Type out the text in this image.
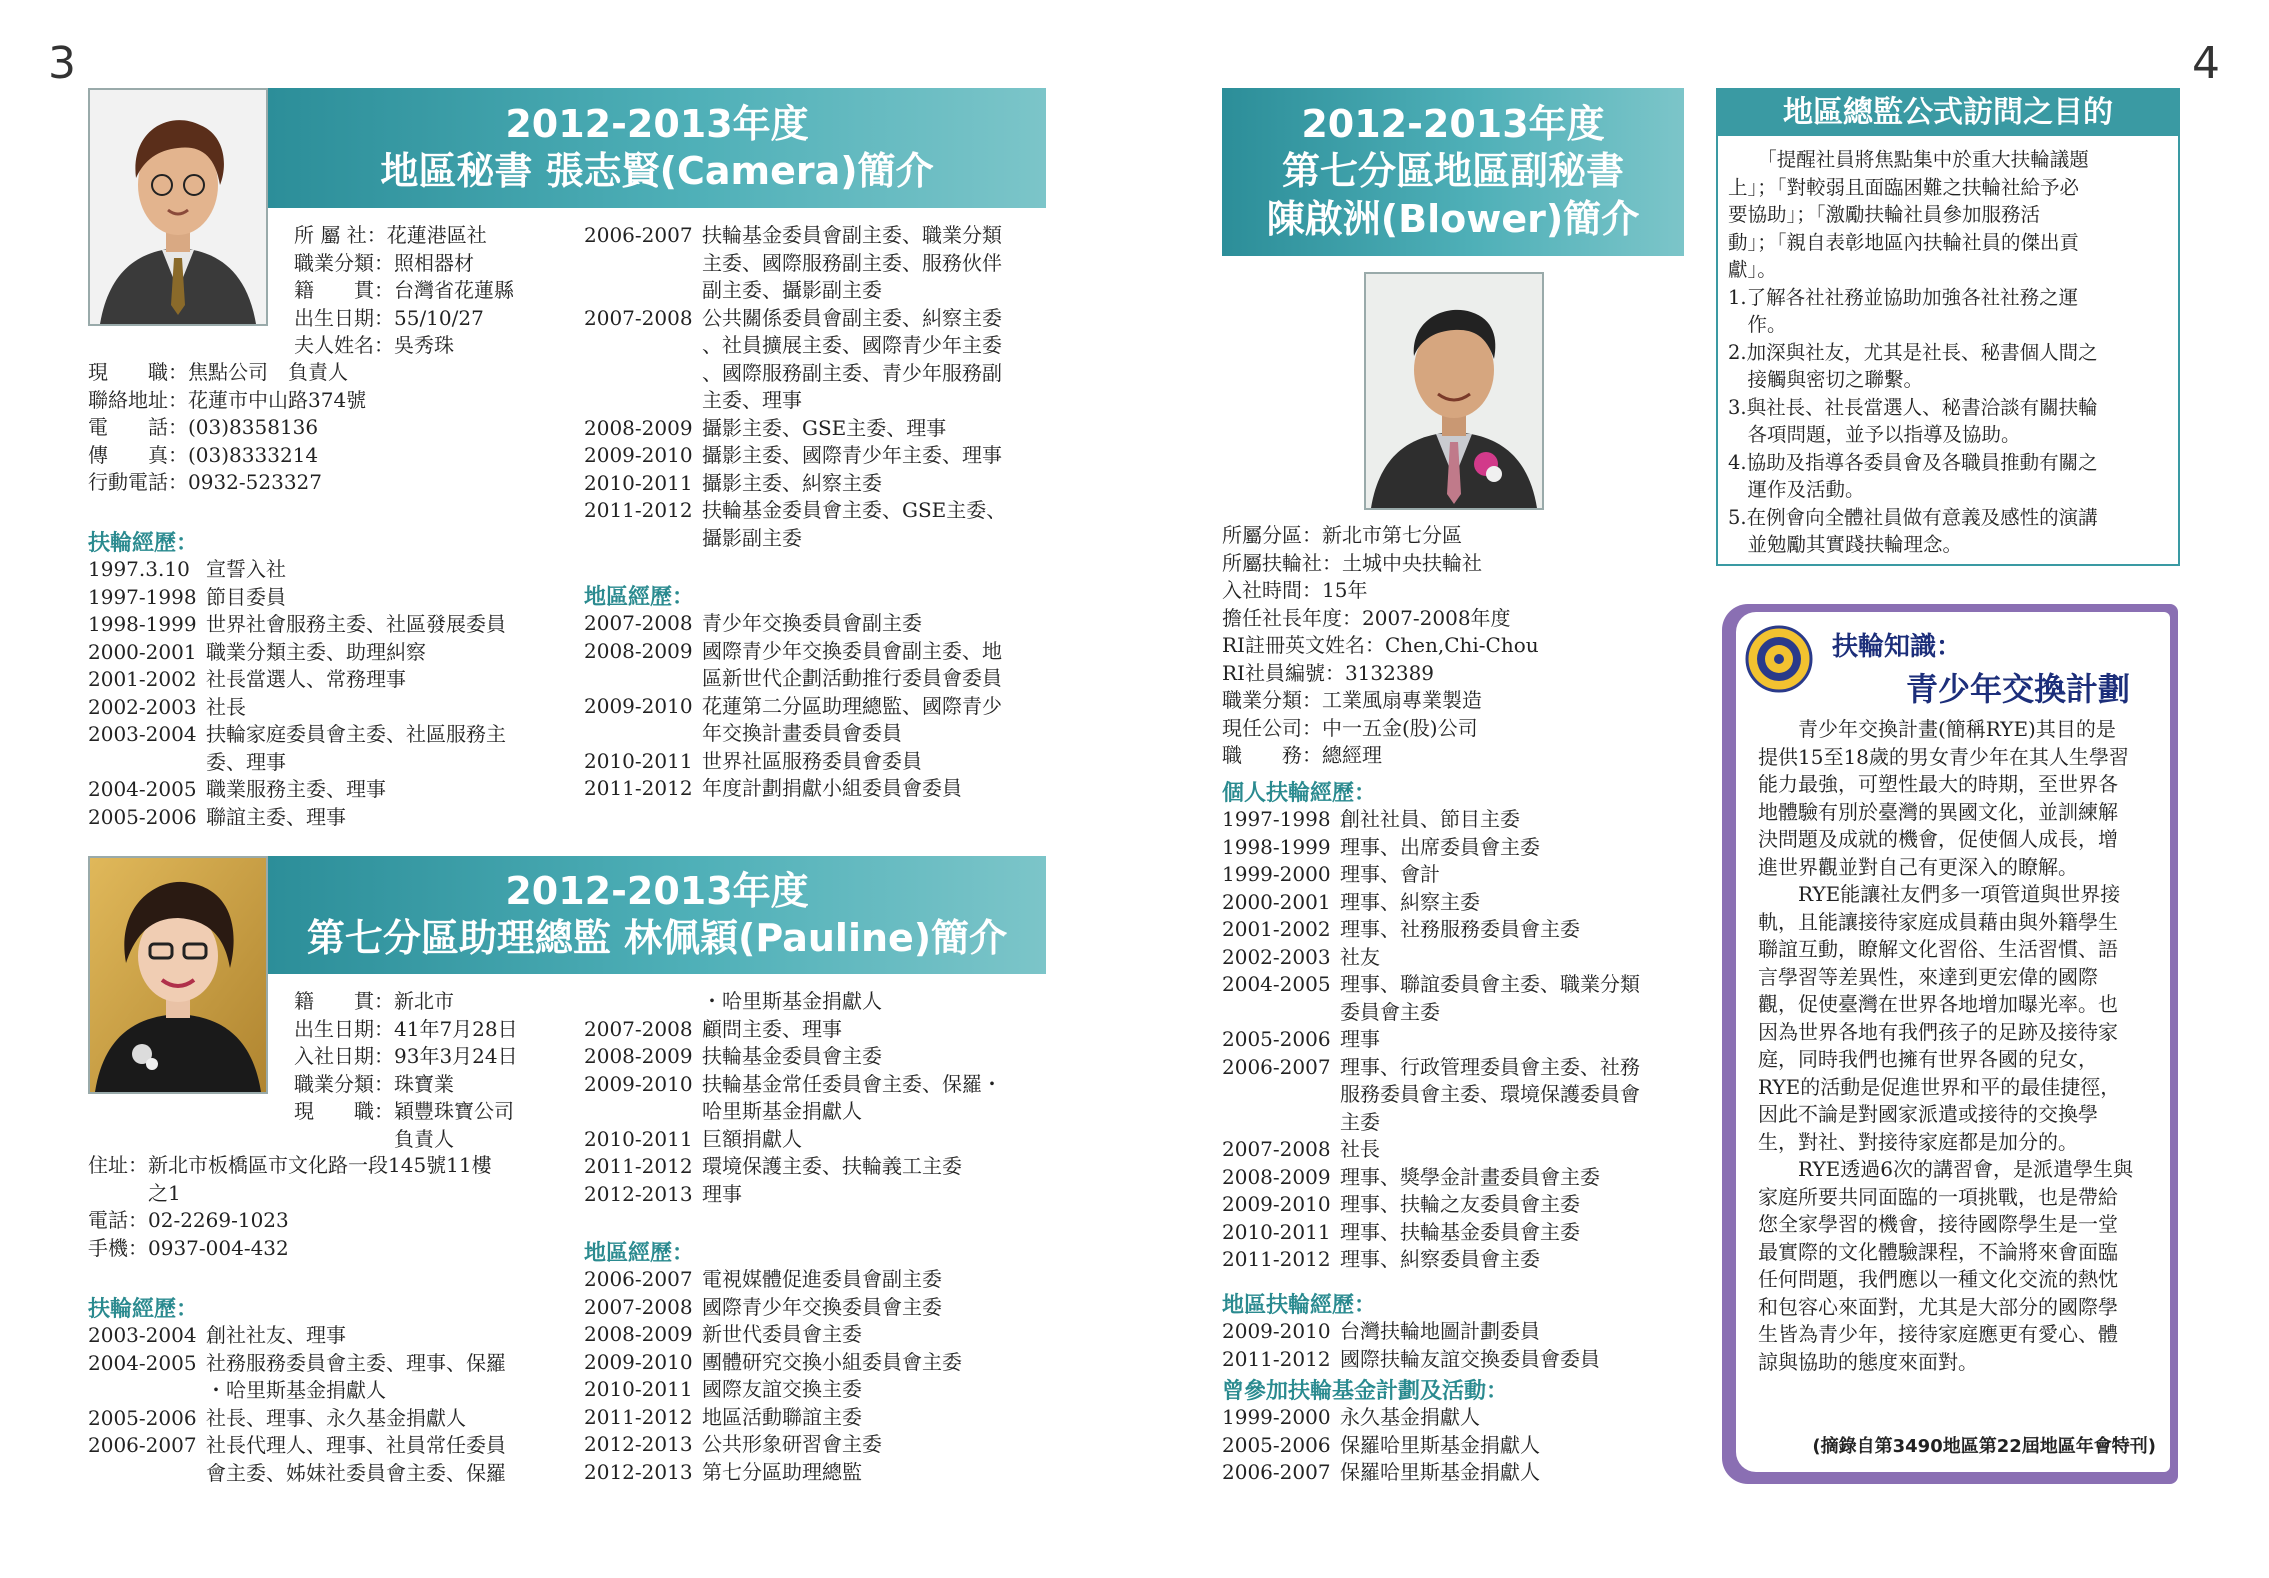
3	4
2012-2013年度
地區秘書 張志賢(Camera)簡介
所 屬 社：花蓮港區社
職業分類：照相器材
籍　　貫：台灣省花蓮縣
出生日期：55/10/27
夫人姓名：吳秀珠
現　　職：焦點公司　負責人
聯絡地址：花蓮市中山路374號
電　　話：(03)8358136
傳　　真：(03)8333214
行動電話：0932-523327
扶輪經歷：
1997.3.10 宣誓入社
1997-1998 節目委員
1998-1999 世界社會服務主委、社區發展委員
2000-2001 職業分類主委、助理糾察
2001-2002 社長當選人、常務理事
2002-2003 社長
2003-2004 扶輪家庭委員會主委、社區服務主
委、理事
2004-2005 職業服務主委、理事
2005-2006 聯誼主委、理事
2006-2007 扶輪基金委員會副主委、職業分類
主委、國際服務副主委、服務伙伴
副主委、攝影副主委
2007-2008 公共關係委員會副主委、糾察主委
、社員擴展主委、國際青少年主委
、國際服務副主委、青少年服務副
主委、理事
2008-2009 攝影主委、GSE主委、理事
2009-2010 攝影主委、國際青少年主委、理事
2010-2011 攝影主委、糾察主委
2011-2012 扶輪基金委員會主委、GSE主委、
攝影副主委
地區經歷：
2007-2008 青少年交換委員會副主委
2008-2009 國際青少年交換委員會副主委、地
區新世代企劃活動推行委員會委員
2009-2010 花蓮第二分區助理總監、國際青少
年交換計畫委員會委員
2010-2011 世界社區服務委員會委員
2011-2012 年度計劃捐獻小組委員會委員
2012-2013年度
第七分區助理總監 林佩穎(Pauline)簡介
籍　　貫：新北市
出生日期：41年7月28日
入社日期：93年3月24日
職業分類：珠寶業
現　　職：穎豐珠寶公司
　　　　　負責人
住址：新北市板橋區市文化路一段145號11樓
　　　之1
電話：02-2269-1023
手機：0937-004-432
扶輪經歷：
2003-2004 創社社友、理事
2004-2005 社務服務委員會主委、理事、保羅
・哈里斯基金捐獻人
2005-2006 社長、理事、永久基金捐獻人
2006-2007 社長代理人、理事、社員常任委員
會主委、姊妹社委員會主委、保羅
・哈里斯基金捐獻人
2007-2008 顧問主委、理事
2008-2009 扶輪基金委員會主委
2009-2010 扶輪基金常任委員會主委、保羅・
哈里斯基金捐獻人
2010-2011 巨額捐獻人
2011-2012 環境保護主委、扶輪義工主委
2012-2013 理事
地區經歷：
2006-2007 電視媒體促進委員會副主委
2007-2008 國際青少年交換委員會主委
2008-2009 新世代委員會主委
2009-2010 團體研究交換小組委員會主委
2010-2011 國際友誼交換主委
2011-2012 地區活動聯誼主委
2012-2013 公共形象研習會主委
2012-2013 第七分區助理總監
2012-2013年度
第七分區地區副秘書
陳啟洲(Blower)簡介
所屬分區：新北市第七分區
所屬扶輪社：土城中央扶輪社
入社時間：15年
擔任社長年度：2007-2008年度
RI註冊英文姓名：Chen,Chi-Chou
RI社員編號：3132389
職業分類：工業風扇專業製造
現任公司：中一五金(股)公司
職　　務：總經理
個人扶輪經歷：
1997-1998 創社社員、節目主委
1998-1999 理事、出席委員會主委
1999-2000 理事、會計
2000-2001 理事、糾察主委
2001-2002 理事、社務服務委員會主委
2002-2003 社友
2004-2005 理事、聯誼委員會主委、職業分類
委員會主委
2005-2006 理事
2006-2007 理事、行政管理委員會主委、社務
服務委員會主委、環境保護委員會
主委
2007-2008 社長
2008-2009 理事、獎學金計畫委員會主委
2009-2010 理事、扶輪之友委員會主委
2010-2011 理事、扶輪基金委員會主委
2011-2012 理事、糾察委員會主委
地區扶輪經歷：
2009-2010 台灣扶輪地圖計劃委員
2011-2012 國際扶輪友誼交換委員會委員
曾參加扶輪基金計劃及活動：
1999-2000 永久基金捐獻人
2005-2006 保羅哈里斯基金捐獻人
2006-2007 保羅哈里斯基金捐獻人
地區總監公式訪問之目的
　　「提醒社員將焦點集中於重大扶輪議題
上」；「對較弱且面臨困難之扶輪社給予必
要協助」；「激勵扶輪社員參加服務活
動」；「親自表彰地區內扶輪社員的傑出貢
獻」。
1.了解各社社務並協助加強各社社務之運
　作。
2.加深與社友，尤其是社長、秘書個人間之
　接觸與密切之聯繫。
3.與社長、社長當選人、秘書洽談有關扶輪
　各項問題，並予以指導及協助。
4.協助及指導各委員會及各職員推動有關之
　運作及活動。
5.在例會向全體社員做有意義及感性的演講
　並勉勵其實踐扶輪理念。
扶輪知識：
青少年交換計劃
　　青少年交換計畫(簡稱RYE)其目的是
提供15至18歲的男女青少年在其人生學習
能力最強，可塑性最大的時期，至世界各
地體驗有別於臺灣的異國文化，並訓練解
決問題及成就的機會，促使個人成長，增
進世界觀並對自己有更深入的瞭解。
　　RYE能讓社友們多一項管道與世界接
軌，且能讓接待家庭成員藉由與外籍學生
聯誼互動，瞭解文化習俗、生活習慣、語
言學習等差異性，來達到更宏偉的國際
觀，促使臺灣在世界各地增加曝光率。也
因為世界各地有我們孩子的足跡及接待家
庭，同時我們也擁有世界各國的兒女，
RYE的活動是促進世界和平的最佳捷徑，
因此不論是對國家派遣或接待的交換學
生，對社、對接待家庭都是加分的。
　　RYE透過6次的講習會，是派遣學生與
家庭所要共同面臨的一項挑戰，也是帶給
您全家學習的機會，接待國際學生是一堂
最實際的文化體驗課程，不論將來會面臨
任何問題，我們應以一種文化交流的熱忱
和包容心來面對，尤其是大部分的國際學
生皆為青少年，接待家庭應更有愛心、體
諒與協助的態度來面對。
(摘錄自第3490地區第22屆地區年會特刊)
